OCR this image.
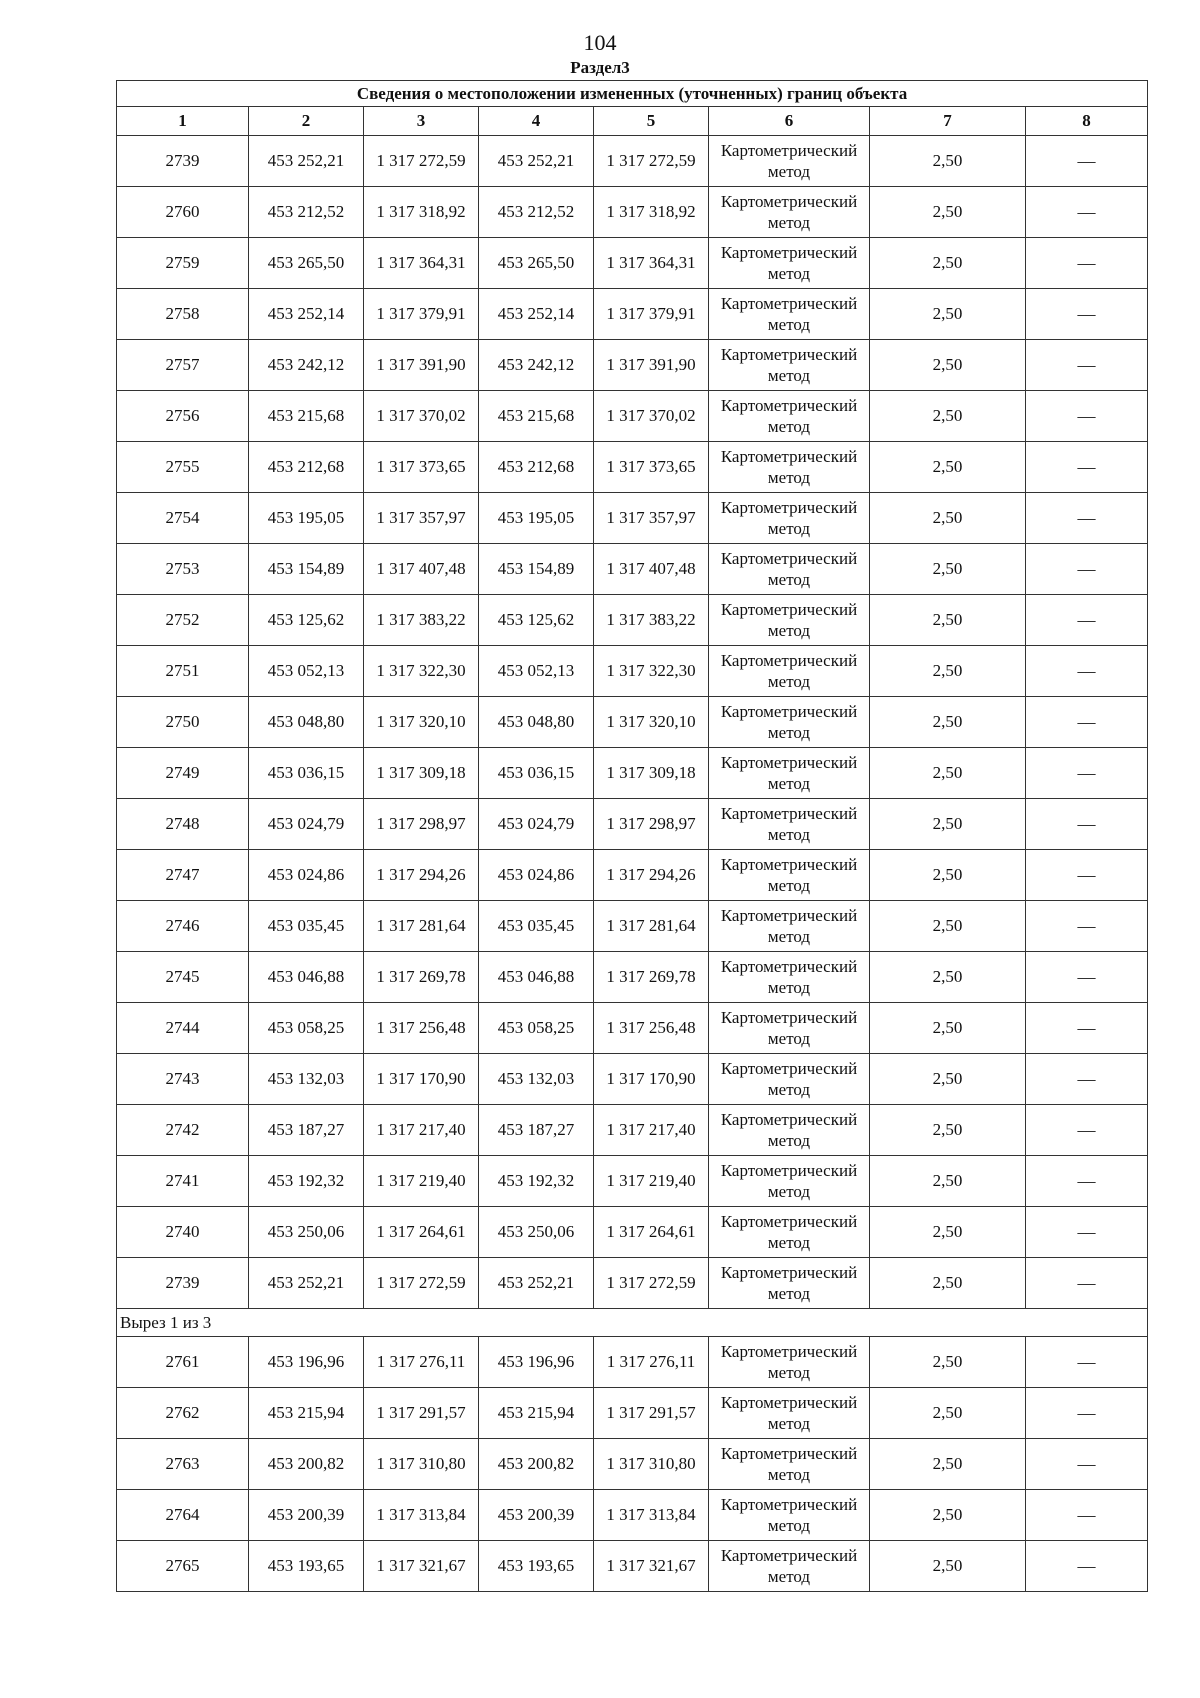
104
Раздел3
Сведения о местоположении измененных (уточненных) границ объекта							
1	2	3	4	5	6	7	8
2739	453 252,21	1 317 272,59	453 252,21	1 317 272,59	Картометрический метод	2,50	—
2760	453 212,52	1 317 318,92	453 212,52	1 317 318,92	Картометрический метод	2,50	—
2759	453 265,50	1 317 364,31	453 265,50	1 317 364,31	Картометрический метод	2,50	—
2758	453 252,14	1 317 379,91	453 252,14	1 317 379,91	Картометрический метод	2,50	—
2757	453 242,12	1 317 391,90	453 242,12	1 317 391,90	Картометрический метод	2,50	—
2756	453 215,68	1 317 370,02	453 215,68	1 317 370,02	Картометрический метод	2,50	—
2755	453 212,68	1 317 373,65	453 212,68	1 317 373,65	Картометрический метод	2,50	—
2754	453 195,05	1 317 357,97	453 195,05	1 317 357,97	Картометрический метод	2,50	—
2753	453 154,89	1 317 407,48	453 154,89	1 317 407,48	Картометрический метод	2,50	—
2752	453 125,62	1 317 383,22	453 125,62	1 317 383,22	Картометрический метод	2,50	—
2751	453 052,13	1 317 322,30	453 052,13	1 317 322,30	Картометрический метод	2,50	—
2750	453 048,80	1 317 320,10	453 048,80	1 317 320,10	Картометрический метод	2,50	—
2749	453 036,15	1 317 309,18	453 036,15	1 317 309,18	Картометрический метод	2,50	—
2748	453 024,79	1 317 298,97	453 024,79	1 317 298,97	Картометрический метод	2,50	—
2747	453 024,86	1 317 294,26	453 024,86	1 317 294,26	Картометрический метод	2,50	—
2746	453 035,45	1 317 281,64	453 035,45	1 317 281,64	Картометрический метод	2,50	—
2745	453 046,88	1 317 269,78	453 046,88	1 317 269,78	Картометрический метод	2,50	—
2744	453 058,25	1 317 256,48	453 058,25	1 317 256,48	Картометрический метод	2,50	—
2743	453 132,03	1 317 170,90	453 132,03	1 317 170,90	Картометрический метод	2,50	—
2742	453 187,27	1 317 217,40	453 187,27	1 317 217,40	Картометрический метод	2,50	—
2741	453 192,32	1 317 219,40	453 192,32	1 317 219,40	Картометрический метод	2,50	—
2740	453 250,06	1 317 264,61	453 250,06	1 317 264,61	Картометрический метод	2,50	—
2739	453 252,21	1 317 272,59	453 252,21	1 317 272,59	Картометрический метод	2,50	—
Вырез 1 из 3							
2761	453 196,96	1 317 276,11	453 196,96	1 317 276,11	Картометрический метод	2,50	—
2762	453 215,94	1 317 291,57	453 215,94	1 317 291,57	Картометрический метод	2,50	—
2763	453 200,82	1 317 310,80	453 200,82	1 317 310,80	Картометрический метод	2,50	—
2764	453 200,39	1 317 313,84	453 200,39	1 317 313,84	Картометрический метод	2,50	—
2765	453 193,65	1 317 321,67	453 193,65	1 317 321,67	Картометрический метод	2,50	—
